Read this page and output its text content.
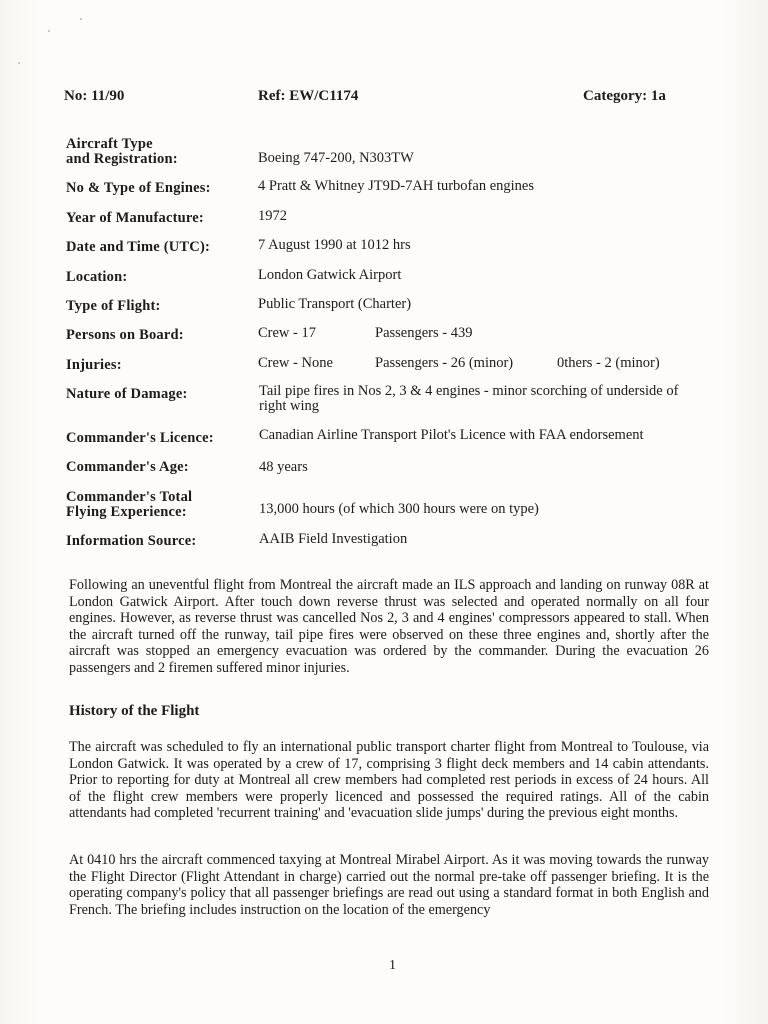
No: 11/90	Ref: EW/C1174	Category: 1a
Aircraft Type
and Registration:	Boeing 747-200, N303TW
No & Type of Engines:	4 Pratt & Whitney JT9D-7AH turbofan engines
Year of Manufacture:	1972
Date and Time (UTC):	7 August 1990 at 1012 hrs
Location:	London Gatwick Airport
Type of Flight:	Public Transport (Charter)
Persons on Board:	Crew - 17	Passengers - 439
Injuries:	Crew - None	Passengers - 26 (minor)	0thers - 2 (minor)
Nature of Damage:	Tail pipe fires in Nos 2, 3 & 4 engines - minor scorching of underside of right wing
Commander's Licence:	Canadian Airline Transport Pilot's Licence with FAA endorsement
Commander's Age:	48 years
Commander's Total
Flying Experience:	13,000 hours (of which 300 hours were on type)
Information Source:	AAIB Field Investigation

Following an uneventful flight from Montreal the aircraft made an ILS approach and landing on runway 08R at London Gatwick Airport. After touch down reverse thrust was selected and operated normally on all four engines. However, as reverse thrust was cancelled Nos 2, 3 and 4 engines' compressors appeared to stall. When the aircraft turned off the runway, tail pipe fires were observed on these three engines and, shortly after the aircraft was stopped an emergency evacuation was ordered by the commander. During the evacuation 26 passengers and 2 firemen suffered minor injuries.

History of the Flight

The aircraft was scheduled to fly an international public transport charter flight from Montreal to Toulouse, via London Gatwick. It was operated by a crew of 17, comprising 3 flight deck members and 14 cabin attendants. Prior to reporting for duty at Montreal all crew members had completed rest periods in excess of 24 hours. All of the flight crew members were properly licenced and possessed the required ratings. All of the cabin attendants had completed 'recurrent training' and 'evacuation slide jumps' during the previous eight months.

At 0410 hrs the aircraft commenced taxying at Montreal Mirabel Airport. As it was moving towards the runway the Flight Director (Flight Attendant in charge) carried out the normal pre-take off passenger briefing. It is the operating company's policy that all passenger briefings are read out using a standard format in both English and French. The briefing includes instruction on the location of the emergency

1
